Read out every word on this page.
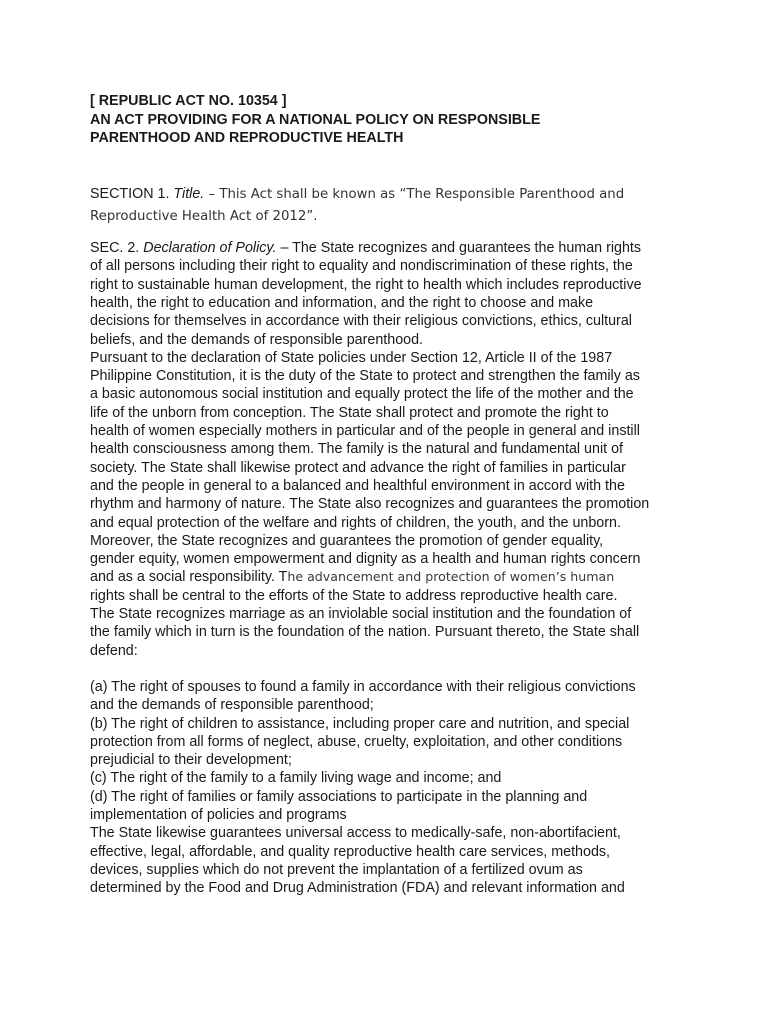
[ REPUBLIC ACT NO. 10354 ]
AN ACT PROVIDING FOR A NATIONAL POLICY ON RESPONSIBLE
PARENTHOOD AND REPRODUCTIVE HEALTH
SECTION 1. Title. – This Act shall be known as “The Responsible Parenthood and Reproductive Health Act of 2012”.

SEC. 2. Declaration of Policy. – The State recognizes and guarantees the human rights of all persons including their right to equality and nondiscrimination of these rights, the right to sustainable human development, the right to health which includes reproductive health, the right to education and information, and the right to choose and make decisions for themselves in accordance with their religious convictions, ethics, cultural beliefs, and the demands of responsible parenthood.

Pursuant to the declaration of State policies under Section 12, Article II of the 1987 Philippine Constitution, it is the duty of the State to protect and strengthen the family as a basic autonomous social institution and equally protect the life of the mother and the life of the unborn from conception. The State shall protect and promote the right to health of women especially mothers in particular and of the people in general and instill health consciousness among them. The family is the natural and fundamental unit of society. The State shall likewise protect and advance the right of families in particular and the people in general to a balanced and healthful environment in accord with the rhythm and harmony of nature. The State also recognizes and guarantees the promotion and equal protection of the welfare and rights of children, the youth, and the unborn.

Moreover, the State recognizes and guarantees the promotion of gender equality, gender equity, women empowerment and dignity as a health and human rights concern and as a social responsibility. The advancement and protection of women’s human rights shall be central to the efforts of the State to address reproductive health care.

The State recognizes marriage as an inviolable social institution and the foundation of the family which in turn is the foundation of the nation. Pursuant thereto, the State shall defend:

(a) The right of spouses to found a family in accordance with their religious convictions and the demands of responsible parenthood;

(b) The right of children to assistance, including proper care and nutrition, and special protection from all forms of neglect, abuse, cruelty, exploitation, and other conditions prejudicial to their development;

(c) The right of the family to a family living wage and income; and

(d) The right of families or family associations to participate in the planning and implementation of policies and programs

The State likewise guarantees universal access to medically-safe, non-abortifacient, effective, legal, affordable, and quality reproductive health care services, methods, devices, supplies which do not prevent the implantation of a fertilized ovum as determined by the Food and Drug Administration (FDA) and relevant information and
